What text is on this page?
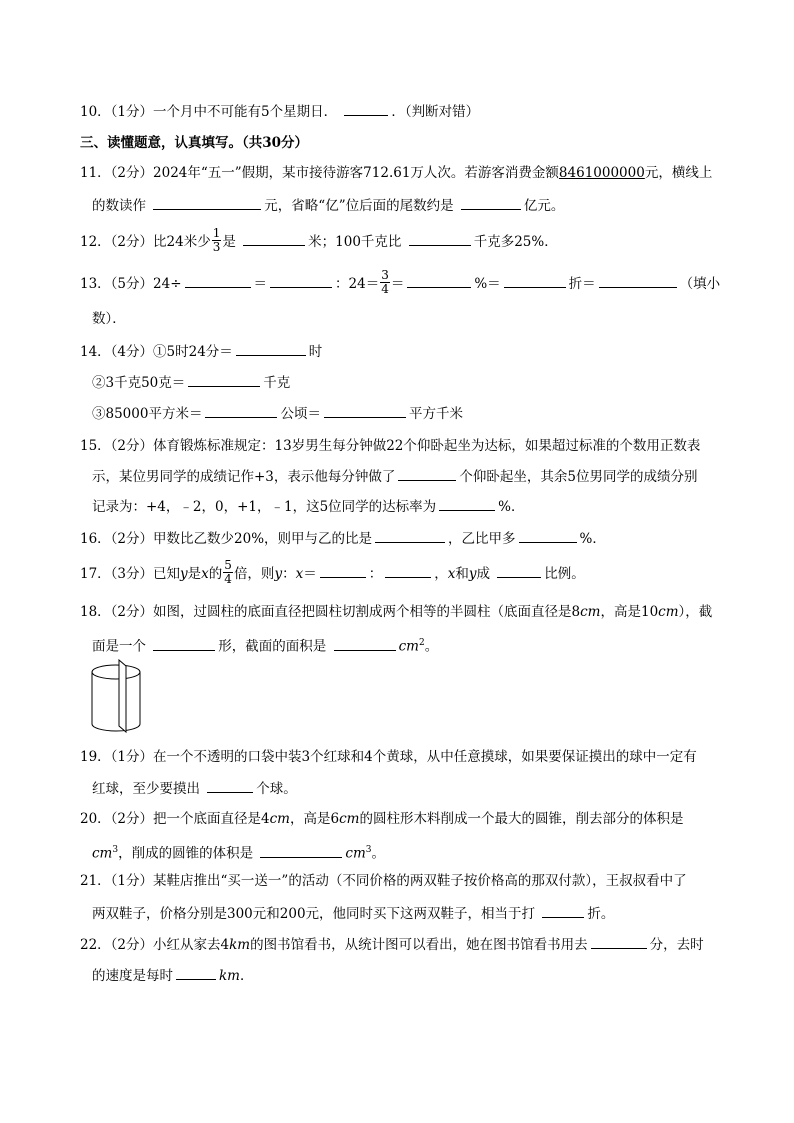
10．（1分）一个月中不可能有5个星期日．	．（判断对错）
三、读懂题意，认真填写。（共30分）
11．（2分）2024年“五一”假期，某市接待游客712.61万人次。若游客消费金额8461000000元，横线上
的数读作	元，省略“亿”位后面的尾数约是	亿元。
12．（2分）比24米少 $\frac{1}{3}$ 是	米；100千克比	千克多25%．
13．（5分）24÷	＝	：$24= \frac{3}{4}$ ＝	%＝	折＝	（填小
数）．
14．（4分）①5时24分＝	时
②3千克50克＝	千克
③85000平方米＝	公顷＝	平方千米
15．（2分）体育锻炼标准规定：13岁男生每分钟做22个仰卧起坐为达标，如果超过标准的个数用正数表
示，某位男同学的成绩记作+3，表示他每分钟做了	个仰卧起坐，其余5位男同学的成绩分别
记录为：+4，﹣2，0，+1，﹣1，这5位同学的达标率为	%．
16．（2分）甲数比乙数少20%，则甲与乙的比是	，乙比甲多	%．
17．（3分）已知y是x的 $\frac{5}{4}$ 倍，则y：x＝	：	，x和y成	比例。
18．（2分）如图，过圆柱的底面直径把圆柱切割成两个相等的半圆柱（底面直径是8cm，高是10cm），截
面是一个	形，截面的面积是	$cm^2$。
19．（1分）在一个不透明的口袋中装3个红球和4个黄球，从中任意摸球，如果要保证摸出的球中一定有
红球，至少要摸出	个球。
20．（2分）把一个底面直径是4cm，高是6cm的圆柱形木料削成一个最大的圆锥，削去部分的体积是
$cm^3$，削成的圆锥的体积是	$cm^3$。
21．（1分）某鞋店推出“买一送一”的活动（不同价格的两双鞋子按价格高的那双付款），王叔叔看中了
两双鞋子，价格分别是300元和200元，他同时买下这两双鞋子，相当于打	折。
22．（2分）小红从家去4km的图书馆看书，从统计图可以看出，她在图书馆看书用去	分，去时
的速度是每时	km．
